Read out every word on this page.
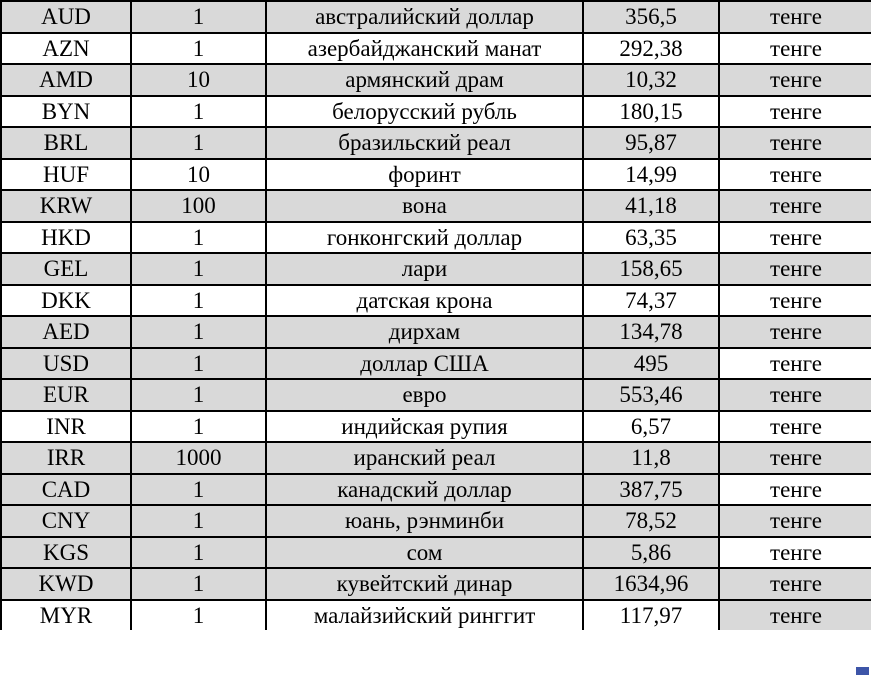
AUD	1	австралийский доллар	356,5	тенге
AZN	1	азербайджанский манат	292,38	тенге
AMD	10	армянский драм	10,32	тенге
BYN	1	белорусский рубль	180,15	тенге
BRL	1	бразильский реал	95,87	тенге
HUF	10	форинт	14,99	тенге
KRW	100	вона	41,18	тенге
HKD	1	гонконгский доллар	63,35	тенге
GEL	1	лари	158,65	тенге
DKK	1	датская крона	74,37	тенге
AED	1	дирхам	134,78	тенге
USD	1	доллар США	495	тенге
EUR	1	евро	553,46	тенге
INR	1	индийская рупия	6,57	тенге
IRR	1000	иранский реал	11,8	тенге
CAD	1	канадский доллар	387,75	тенге
CNY	1	юань, рэнминби	78,52	тенге
KGS	1	сом	5,86	тенге
KWD	1	кувейтский динар	1634,96	тенге
MYR	1	малайзийский ринггит	117,97	тенге
